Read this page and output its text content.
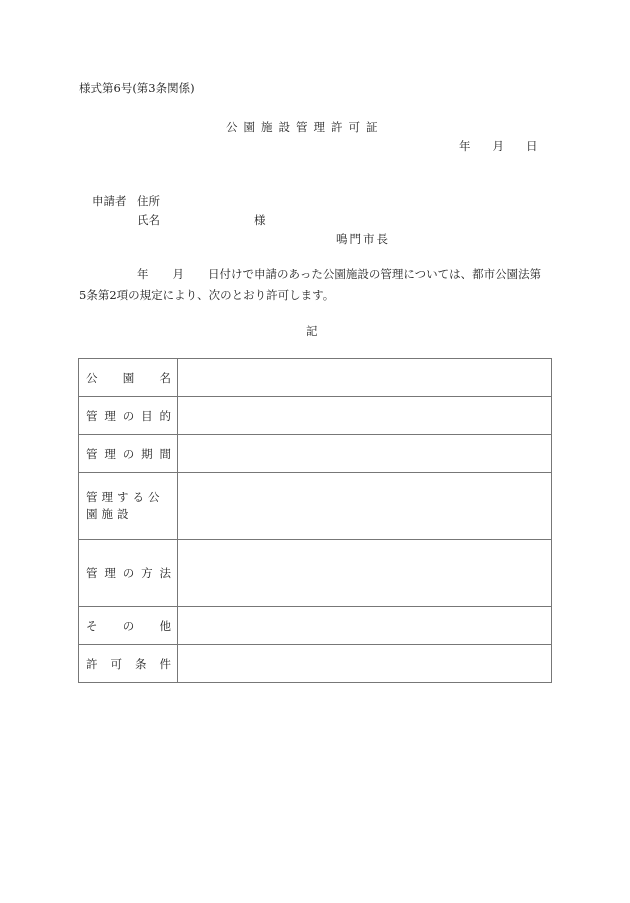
様式第6号(第3条関係)
公園施設管理許可証
年 月 日
申請者 住所
氏名	様
鳴門市長
年 月 日付けで申請のあった公園施設の管理については、都市公園法第
5条第2項の規定により、次のとおり許可します。
記
公 園 名	

管 理 の 目 的	

管 理 の 期 間	

管理する公園施設	

管 理 の 方 法	

そ の 他	

許 可 条 件	
